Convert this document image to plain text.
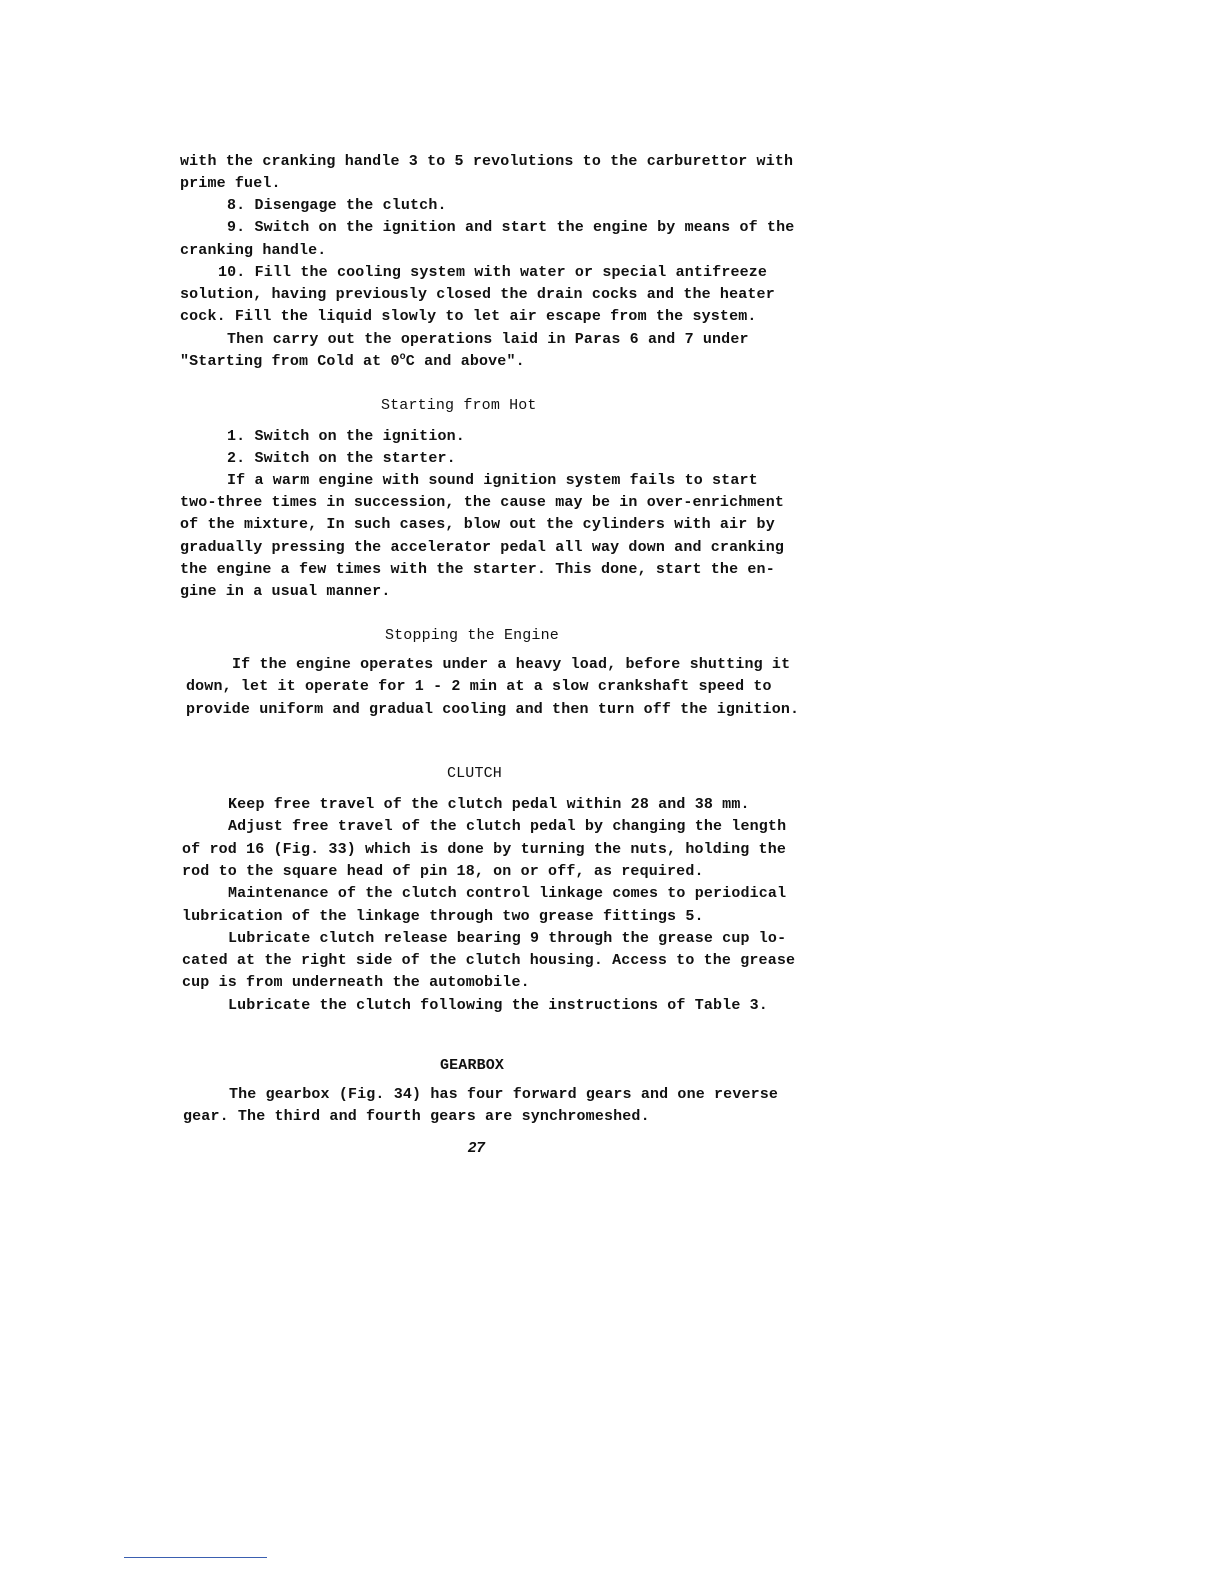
with the cranking handle 3 to 5 revolutions to the carburettor with
prime fuel.
8. Disengage the clutch.
9. Switch on the ignition and start the engine by means of the
cranking handle.
10. Fill the cooling system with water or special antifreeze
solution, having previously closed the drain cocks and the heater
cock. Fill the liquid slowly to let air escape from the system.
Then carry out the operations laid in Paras 6 and 7 under
"Starting from Cold at 0$^o$C and above".
Starting from Hot
1. Switch on the ignition.
2. Switch on the starter.
If a warm engine with sound ignition system fails to start
two-three times in succession, the cause may be in over-enrichment
of the mixture, In such cases, blow out the cylinders with air by
gradually pressing the accelerator pedal all way down and cranking
the engine a few times with the starter. This done, start the en-
gine in a usual manner.
Stopping the Engine
If the engine operates under a heavy load, before shutting it
down, let it operate for 1 - 2 min at a slow crankshaft speed to
provide uniform and gradual cooling and then turn off the ignition.
CLUTCH
Keep free travel of the clutch pedal within 28 and 38 mm.
Adjust free travel of the clutch pedal by changing the length
of rod 16 (Fig. 33) which is done by turning the nuts, holding the
rod to the square head of pin 18, on or off, as required.
Maintenance of the clutch control linkage comes to periodical
lubrication of the linkage through two grease fittings 5.
Lubricate clutch release bearing 9 through the grease cup lo-
cated at the right side of the clutch housing. Access to the grease
cup is from underneath the automobile.
Lubricate the clutch following the instructions of Table 3.
GEARBOX
The gearbox (Fig. 34) has four forward gears and one reverse
gear. The third and fourth gears are synchromeshed.
27
